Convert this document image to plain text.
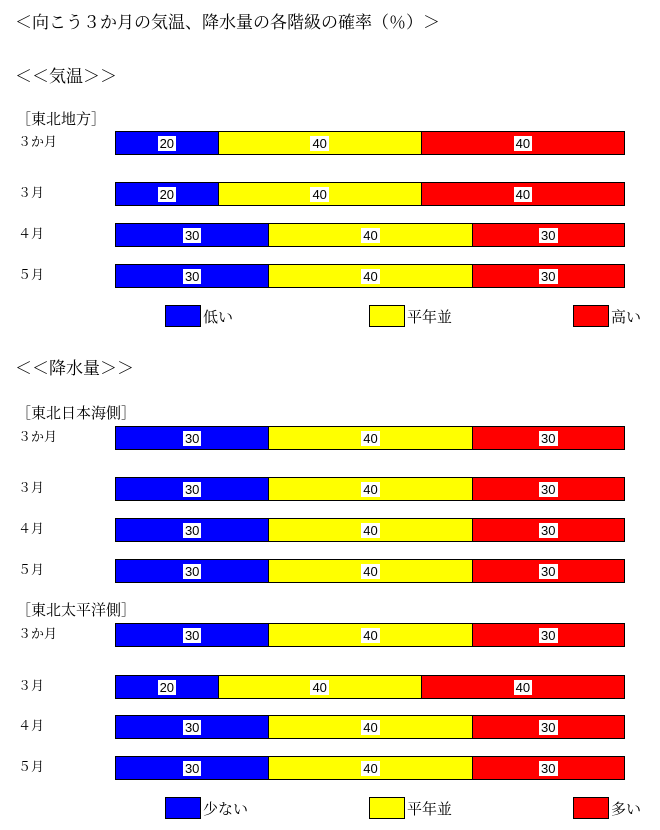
＜向こう３か月の気温、降水量の各階級の確率（％）＞
＜＜気温＞＞
［東北地方］
３か月	20	40	40
３月	20	40	40
４月	30	40	30
５月	30	40	30
低い	平年並	高い
＜＜降水量＞＞
［東北日本海側］
３か月	30	40	30
３月	30	40	30
４月	30	40	30
５月	30	40	30
［東北太平洋側］
３か月	30	40	30
３月	20	40	40
４月	30	40	30
５月	30	40	30
少ない	平年並	多い
